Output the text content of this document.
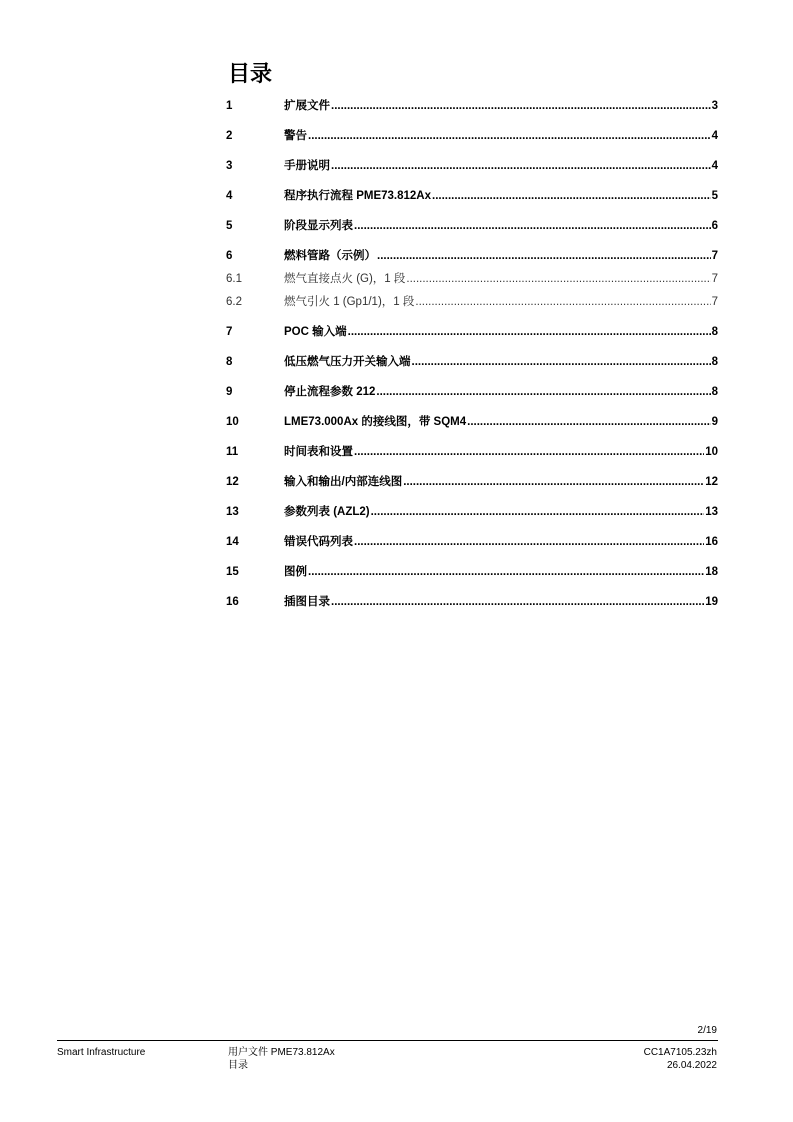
目录
1	扩展文件 .....	3
2	警告 .....	4
3	手册说明 .....	4
4	程序执行流程 PME73.812Ax .....	5
5	阶段显示列表 .....	6
6	燃料管路（示例） .....	7
6.1	燃气直接点火 (G)，1 段 .....	7
6.2	燃气引火 1 (Gp1/1)，1 段 .....	7
7	POC 输入端 .....	8
8	低压燃气压力开关输入端 .....	8
9	停止流程参数 212 .....	8
10	LME73.000Ax 的接线图，带 SQM4 .....	9
11	时间表和设置 .....	10
12	输入和输出/内部连线图 .....	12
13	参数列表 (AZL2) .....	13
14	错误代码列表 .....	16
15	图例 .....	18
16	插图目录 .....	19
2/19
Smart Infrastructure	用户文件 PME73.812Ax
目录
CC1A7105.23zh
26.04.2022
